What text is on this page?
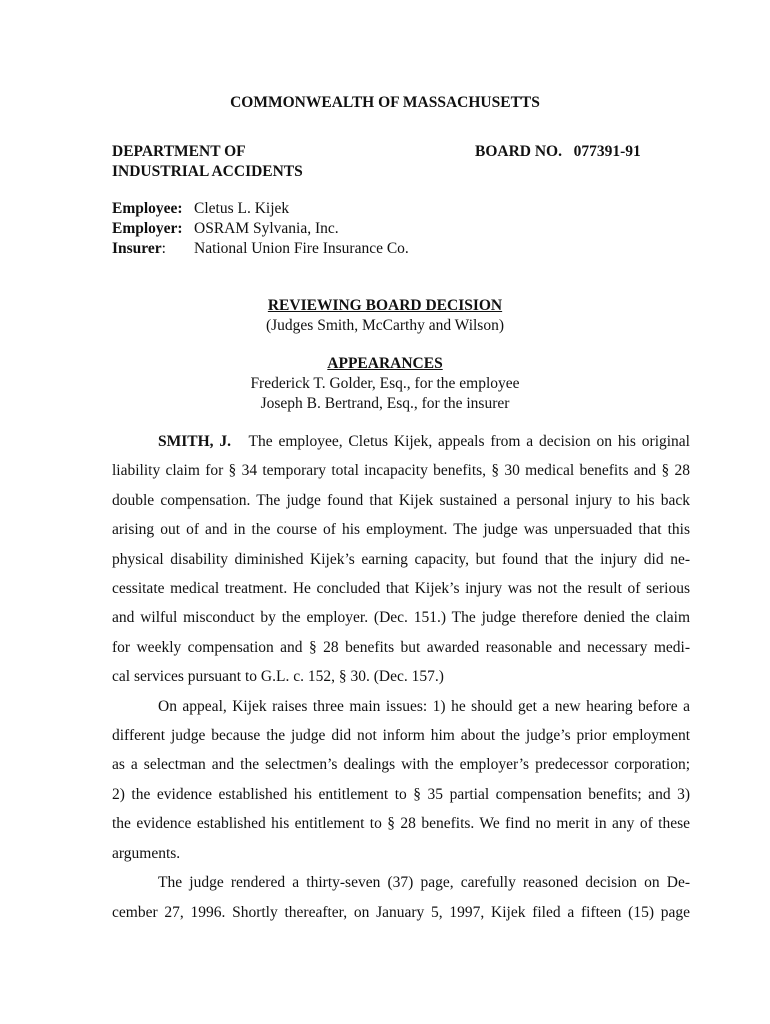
COMMONWEALTH OF MASSACHUSETTS
DEPARTMENT OF
INDUSTRIAL ACCIDENTS
BOARD NO.   077391-91
Employee: Cletus L. Kijek
Employer: OSRAM Sylvania, Inc.
Insurer: National Union Fire Insurance Co.
REVIEWING BOARD DECISION
(Judges Smith, McCarthy and Wilson)
APPEARANCES
Frederick T. Golder, Esq., for the employee
Joseph B. Bertrand, Esq., for the insurer

SMITH, J. The employee, Cletus Kijek, appeals from a decision on his original
liability claim for § 34 temporary total incapacity benefits, § 30 medical benefits and § 28
double compensation. The judge found that Kijek sustained a personal injury to his back
arising out of and in the course of his employment. The judge was unpersuaded that this
physical disability diminished Kijek’s earning capacity, but found that the injury did ne-
cessitate medical treatment. He concluded that Kijek’s injury was not the result of serious
and wilful misconduct by the employer. (Dec. 151.) The judge therefore denied the claim
for weekly compensation and § 28 benefits but awarded reasonable and necessary medi-
cal services pursuant to G.L. c. 152, § 30. (Dec. 157.)

On appeal, Kijek raises three main issues: 1) he should get a new hearing before a
different judge because the judge did not inform him about the judge’s prior employment
as a selectman and the selectmen’s dealings with the employer’s predecessor corporation;
2) the evidence established his entitlement to § 35 partial compensation benefits; and 3)
the evidence established his entitlement to § 28 benefits. We find no merit in any of these
arguments.

The judge rendered a thirty-seven (37) page, carefully reasoned decision on De-
cember 27, 1996. Shortly thereafter, on January 5, 1997, Kijek filed a fifteen (15) page
